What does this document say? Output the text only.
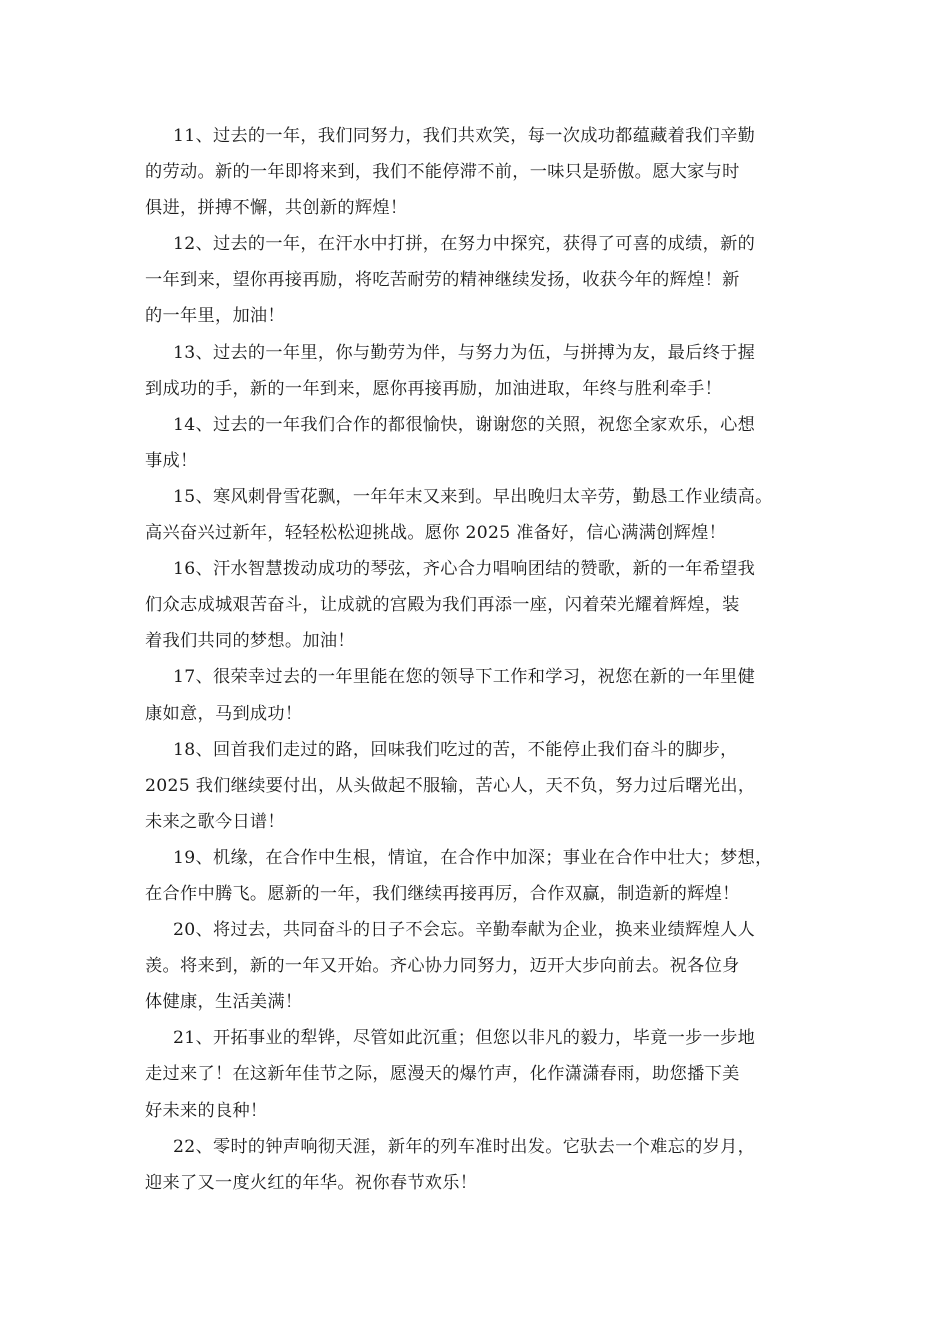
11、过去的一年，我们同努力，我们共欢笑，每一次成功都蕴藏着我们辛勤
的劳动。新的一年即将来到，我们不能停滞不前，一味只是骄傲。愿大家与时
俱进，拼搏不懈，共创新的辉煌！
12、过去的一年，在汗水中打拼，在努力中探究，获得了可喜的成绩，新的
一年到来，望你再接再励，将吃苦耐劳的精神继续发扬，收获今年的辉煌！新
的一年里，加油！
13、过去的一年里，你与勤劳为伴，与努力为伍，与拼搏为友，最后终于握
到成功的手，新的一年到来，愿你再接再励，加油进取，年终与胜利牵手！
14、过去的一年我们合作的都很愉快，谢谢您的关照，祝您全家欢乐，心想
事成！
15、寒风刺骨雪花飘，一年年末又来到。早出晚归太辛劳，勤恳工作业绩高。
高兴奋兴过新年，轻轻松松迎挑战。愿你 2025 准备好，信心满满创辉煌！
16、汗水智慧拨动成功的琴弦，齐心合力唱响团结的赞歌，新的一年希望我
们众志成城艰苦奋斗，让成就的宫殿为我们再添一座，闪着荣光耀着辉煌，装
着我们共同的梦想。加油！
17、很荣幸过去的一年里能在您的领导下工作和学习，祝您在新的一年里健
康如意，马到成功！
18、回首我们走过的路，回味我们吃过的苦，不能停止我们奋斗的脚步，
2025 我们继续要付出，从头做起不服输，苦心人，天不负，努力过后曙光出，
未来之歌今日谱！
19、机缘，在合作中生根，情谊，在合作中加深；事业在合作中壮大；梦想，
在合作中腾飞。愿新的一年，我们继续再接再厉，合作双赢，制造新的辉煌！
20、将过去，共同奋斗的日子不会忘。辛勤奉献为企业，换来业绩辉煌人人
羡。将来到，新的一年又开始。齐心协力同努力，迈开大步向前去。祝各位身
体健康，生活美满！
21、开拓事业的犁铧，尽管如此沉重；但您以非凡的毅力，毕竟一步一步地
走过来了！在这新年佳节之际，愿漫天的爆竹声，化作潇潇春雨，助您播下美
好未来的良种！
22、零时的钟声响彻天涯，新年的列车准时出发。它驮去一个难忘的岁月，
迎来了又一度火红的年华。祝你春节欢乐！
